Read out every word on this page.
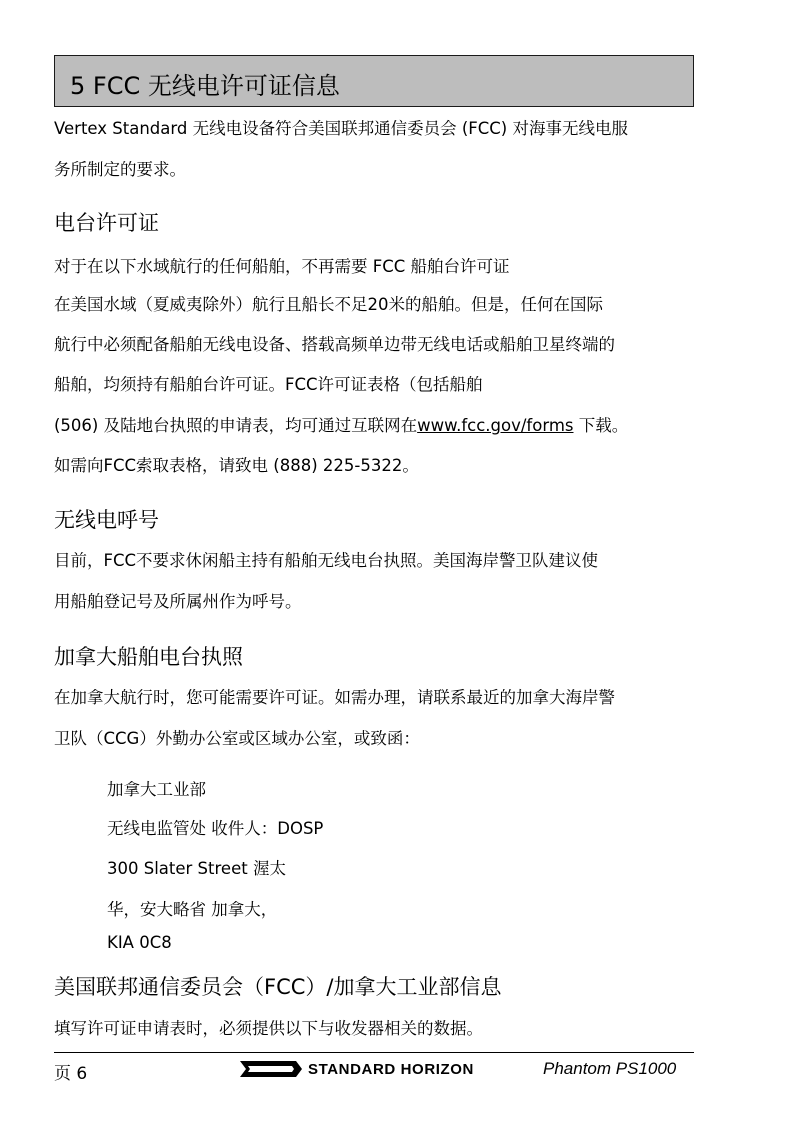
5 FCC 无线电许可证信息
Vertex Standard 无线电设备符合美国联邦通信委员会 (FCC) 对海事无线电服
务所制定的要求。
电台许可证
对于在以下水域航行的任何船舶，不再需要 FCC 船舶台许可证
在美国水域（夏威夷除外）航行且船长不足20米的船舶。但是，任何在国际
航行中必须配备船舶无线电设备、搭载高频单边带无线电话或船舶卫星终端的
船舶，均须持有船舶台许可证。FCC许可证表格（包括船舶
(506) 及陆地台执照的申请表，均可通过互联网在www.fcc.gov/forms 下载。
如需向FCC索取表格，请致电 (888) 225-5322。
无线电呼号
目前，FCC不要求休闲船主持有船舶无线电台执照。美国海岸警卫队建议使
用船舶登记号及所属州作为呼号。
加拿大船舶电台执照
在加拿大航行时，您可能需要许可证。如需办理，请联系最近的加拿大海岸警
卫队（CCG）外勤办公室或区域办公室，或致函：
加拿大工业部
无线电监管处 收件人：DOSP
300 Slater Street 渥太
华，安大略省 加拿大，
KIA 0C8
美国联邦通信委员会（FCC）/加拿大工业部信息
填写许可证申请表时，必须提供以下与收发器相关的数据。
页 6	STANDARD HORIZON	Phantom PS1000
